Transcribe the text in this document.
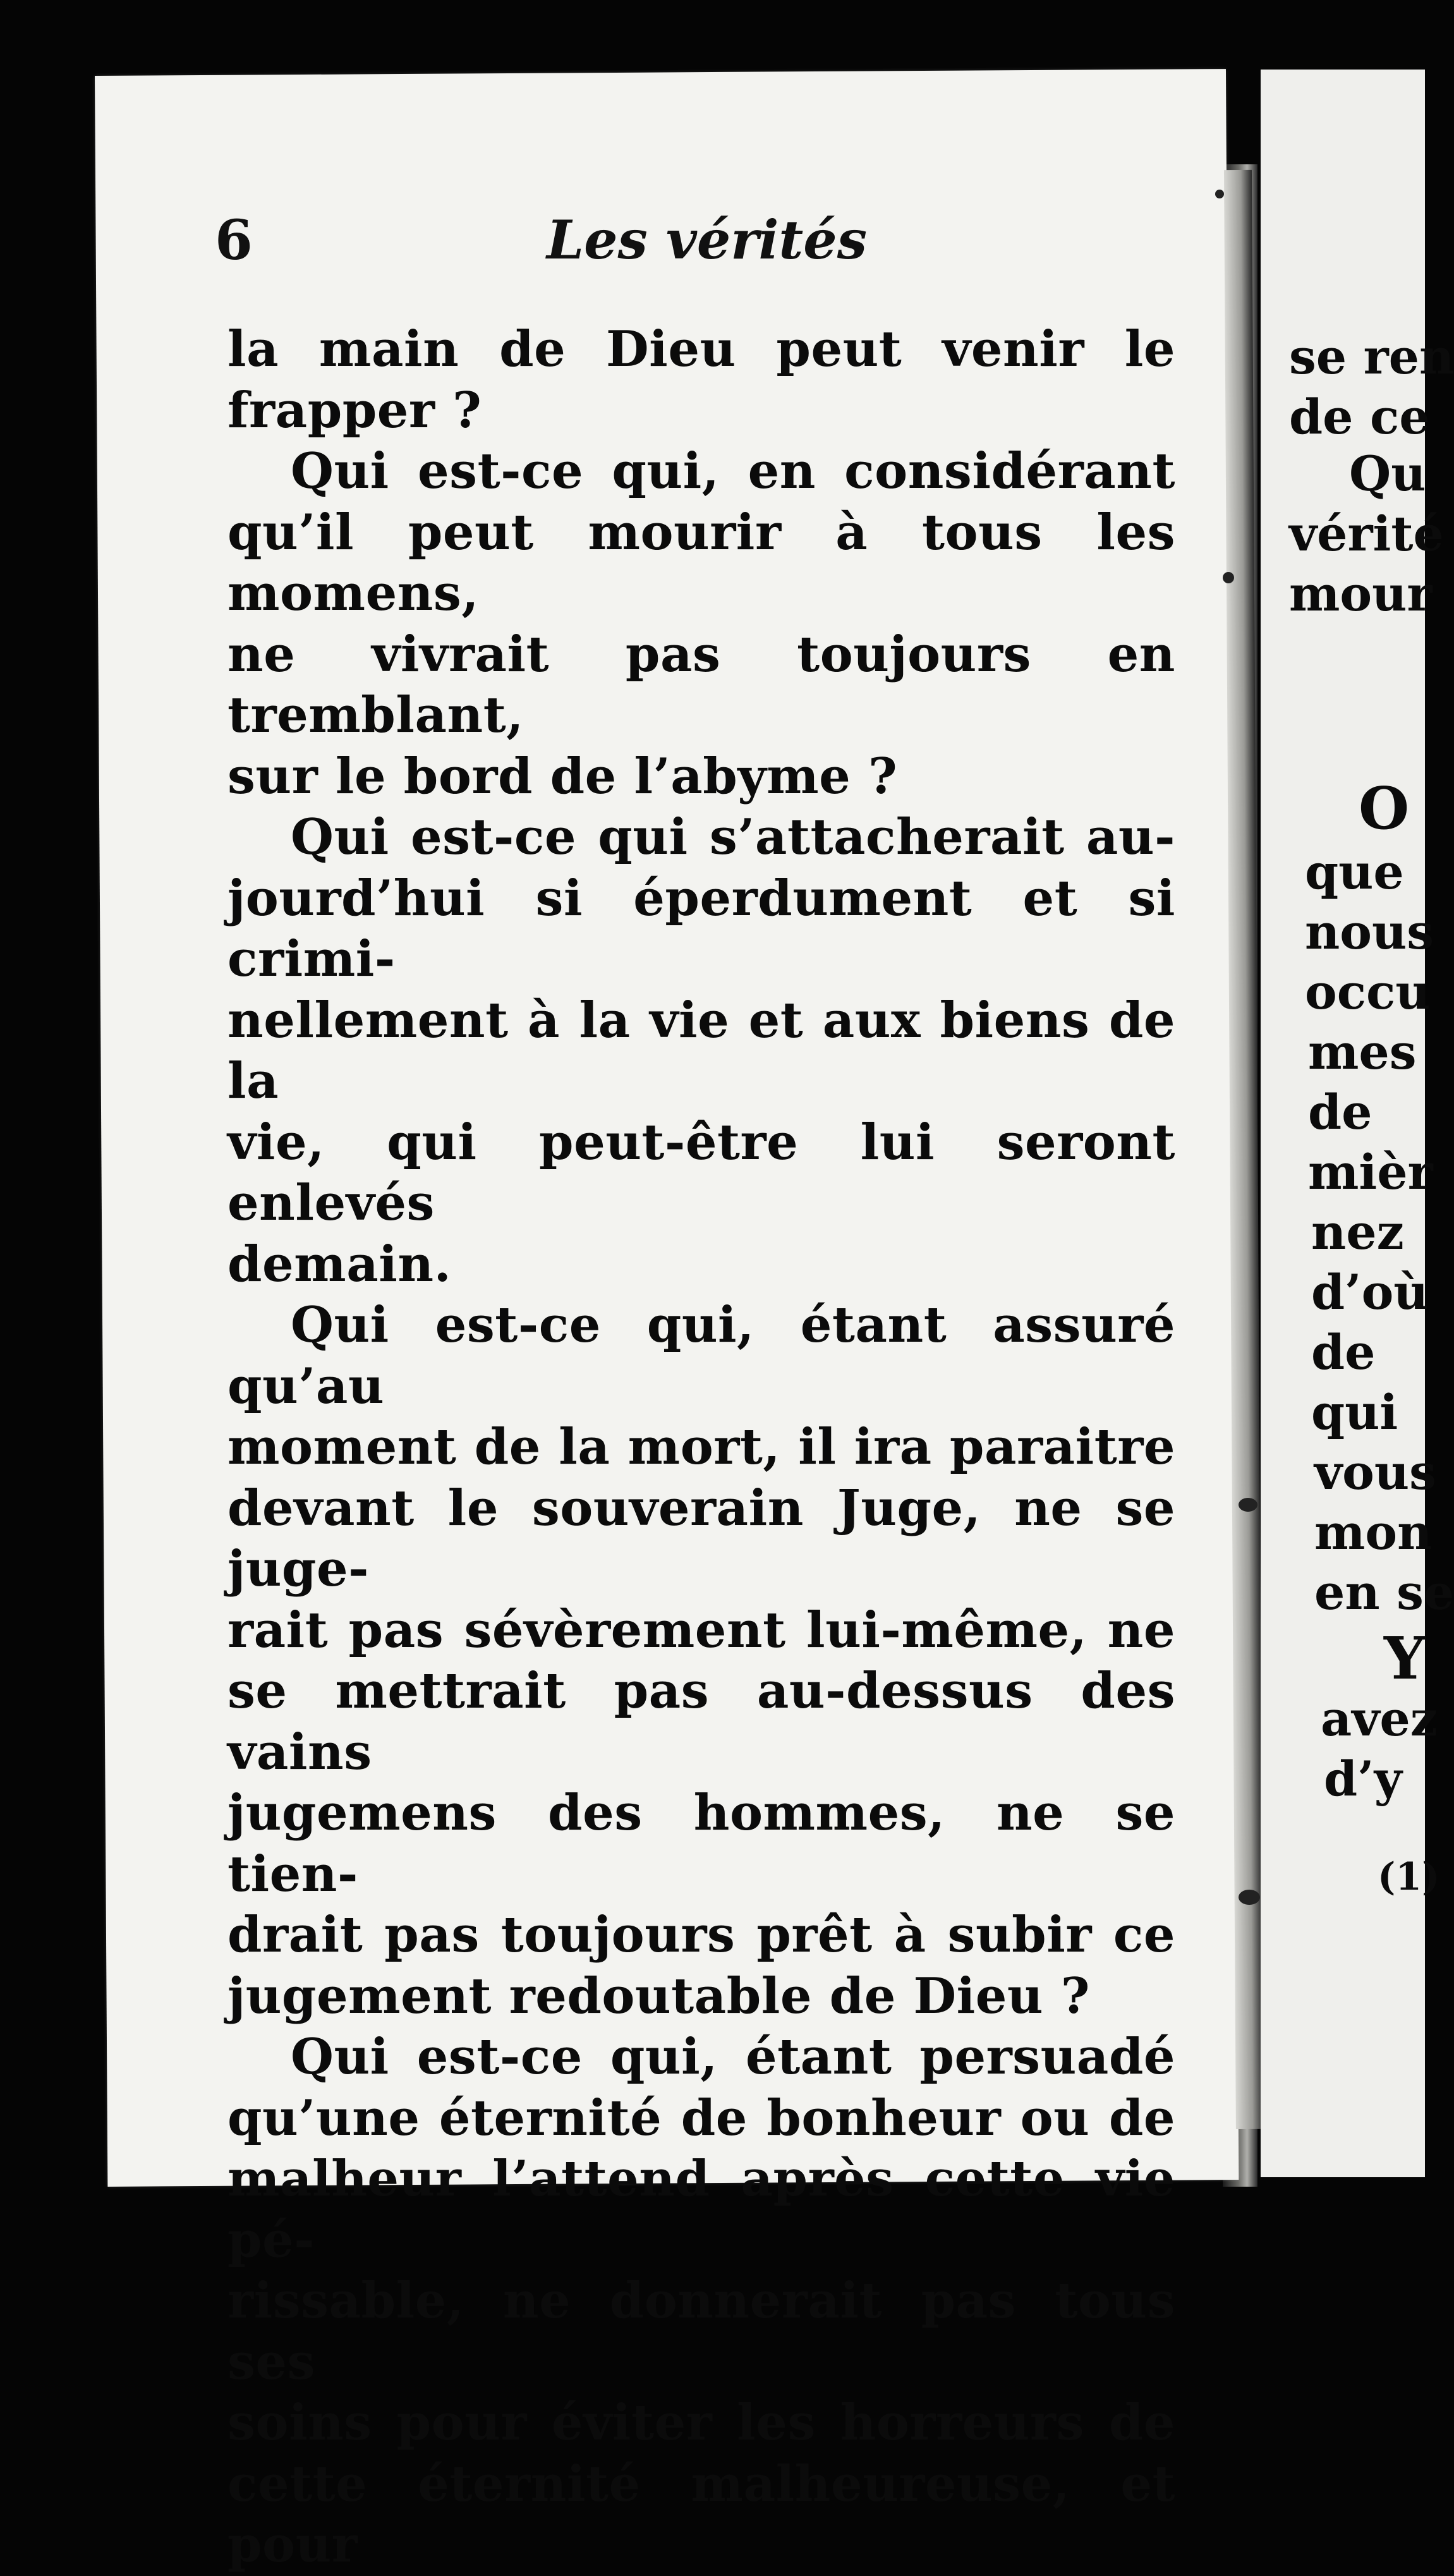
6	Les vérités

la main de Dieu peut venir le
frapper ?

Qui est-ce qui, en considérant
qu’il peut mourir à tous les momens,
ne vivrait pas toujours en tremblant,
sur le bord de l’abyme ?

Qui est-ce qui s’attacherait au-
jourd’hui si éperdument et si crimi-
nellement à la vie et aux biens de la
vie, qui peut-être lui seront enlevés
demain.

Qui est-ce qui, étant assuré qu’au
moment de la mort, il ira paraitre
devant le souverain Juge, ne se juge-
rait pas sévèrement lui-même, ne
se mettrait pas au-dessus des vains
jugemens des hommes, ne se tien-
drait pas toujours prêt à subir ce
jugement redoutable de Dieu ?

Qui est-ce qui, étant persuadé
qu’une éternité de bonheur ou de
malheur l’attend après cette vie pé-
rissable, ne donnerait pas tous ses
soins pour éviter les horreurs de
cette éternité malheureuse, et pour

se ren
de ce
Qu
vérité
mour
O
que
nous
occu
mes
de
mièr
nez
d’où
de
qui
vous
mon
en se
Y
avez
d’y
(1)
